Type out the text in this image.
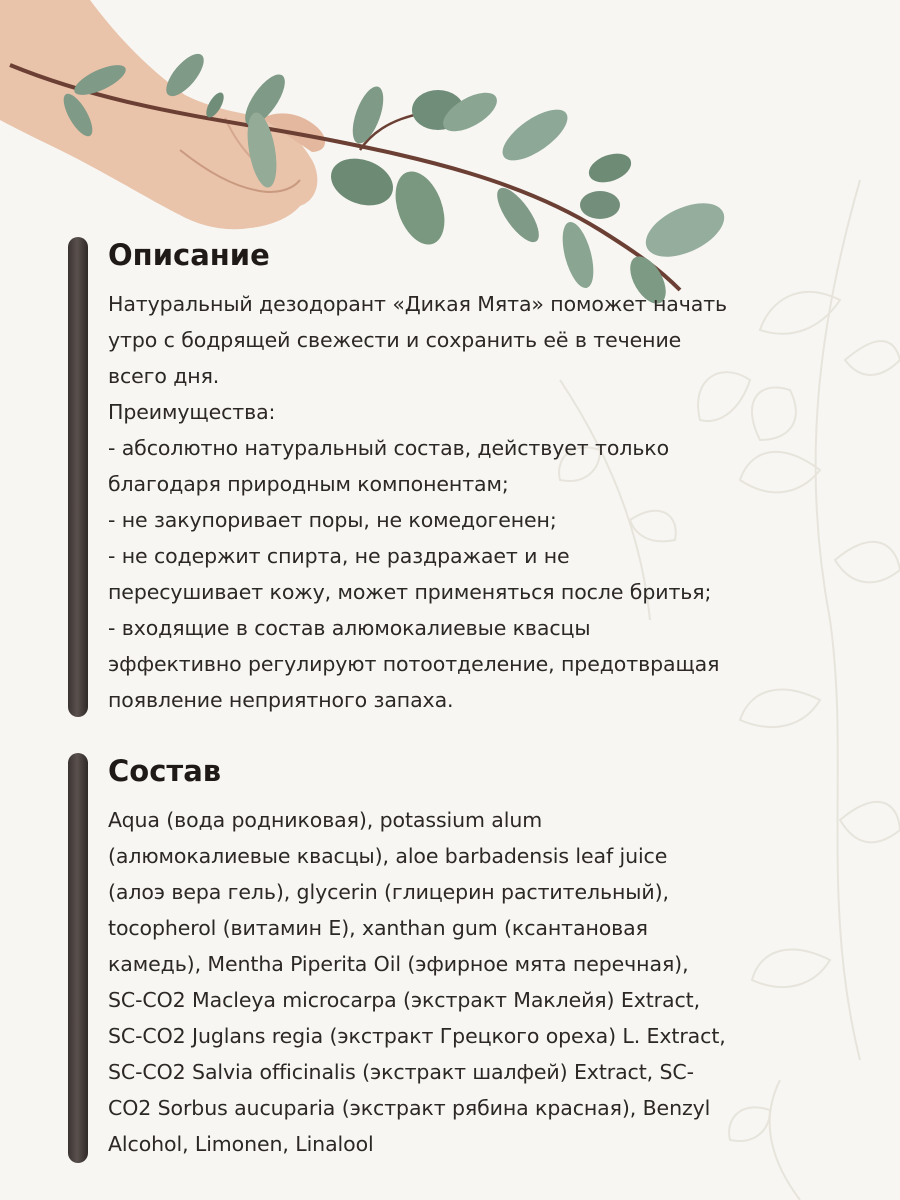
Описание

Натуральный дезодорант «Дикая Мята» поможет начать
утро с бодрящей свежести и сохранить её в течение
всего дня.
Преимущества:
- абсолютно натуральный состав, действует только
благодаря природным компонентам;
- не закупоривает поры, не комедогенен;
- не содержит спирта, не раздражает и не
пересушивает кожу, может применяться после бритья;
- входящие в состав алюмокалиевые квасцы
эффективно регулируют потоотделение, предотвращая
появление неприятного запаха.

Состав

Aqua (вода родниковая), potassium alum
(алюмокалиевые квасцы), aloe barbadensis leaf juice
(алоэ вера гель), glycerin (глицерин растительный),
tocopherol (витамин E), xanthan gum (ксантановая
камедь), Mentha Piperita Oil (эфирное мята перечная),
SC-CO2 Macleya microcarpa (экстракт Маклейя) Extract,
SC-CO2 Juglans regia (экстракт Грецкого ореха) L. Extract,
SC-CO2 Salvia officinalis (экстракт шалфей) Extract, SC-
CO2 Sorbus aucuparia (экстракт рябина красная), Benzyl
Alcohol, Limonen, Linalool
